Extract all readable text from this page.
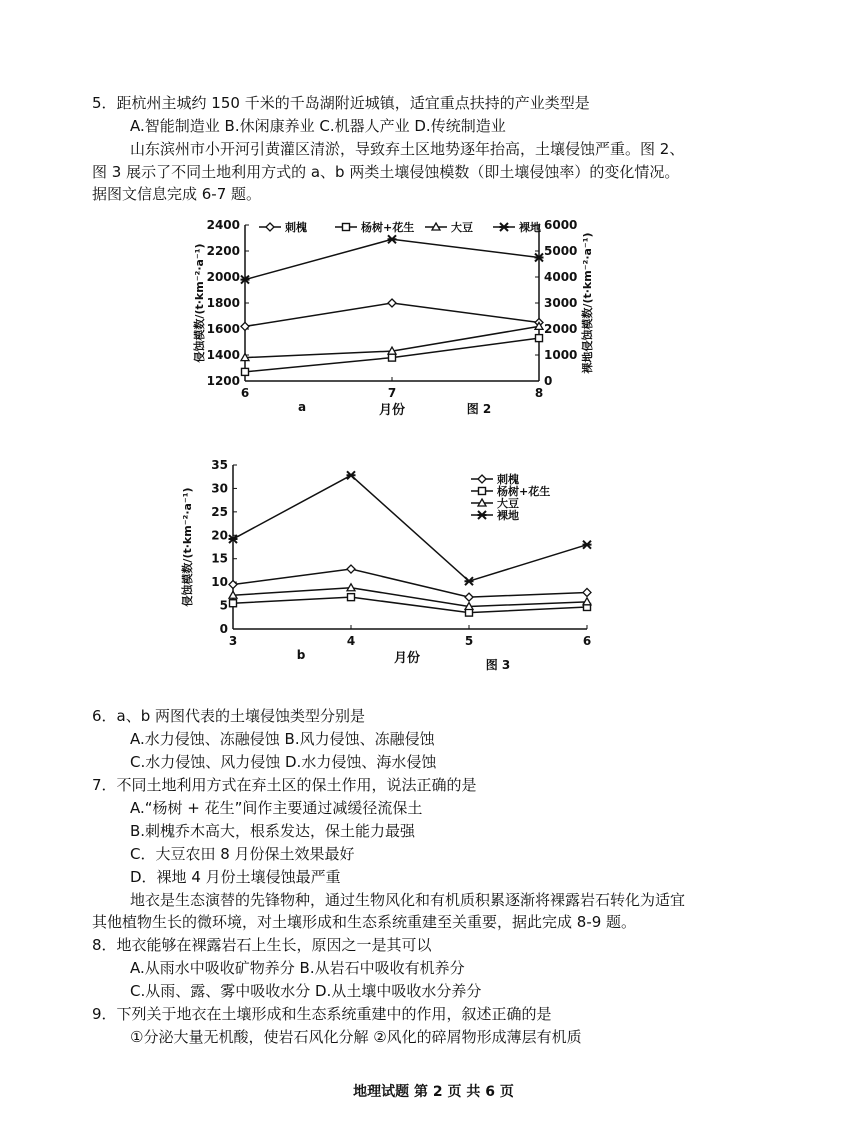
5．距杭州主城约 150 千米的千岛湖附近城镇，适宜重点扶持的产业类型是
A.智能制造业 B.休闲康养业 C.机器人产业 D.传统制造业
山东滨州市小开河引黄灌区清淤，导致弃土区地势逐年抬高，土壤侵蚀严重。图 2、
图 3 展示了不同土地利用方式的 a、b 两类土壤侵蚀模数（即土壤侵蚀率）的变化情况。
据图文信息完成 6-7 题。
1200
1400
1600
1800
2000
2200
2400
0
1000
2000
3000
4000
5000
6000
6	7	8
月份
a	图 2
侵蚀模数/(t·km⁻²·a⁻¹)	裸地侵蚀模数/(t·km⁻²·a⁻¹)
刺槐	杨树+花生	大豆	裸地
0
5
10
15
20
25
30
35
3	4	5	6
月份
b
图 3
侵蚀模数/(t·km⁻²·a⁻¹)
刺槐
杨树+花生
大豆
裸地
6．a、b 两图代表的土壤侵蚀类型分别是
A.水力侵蚀、冻融侵蚀 B.风力侵蚀、冻融侵蚀
C.水力侵蚀、风力侵蚀 D.水力侵蚀、海水侵蚀
7．不同土地利用方式在弃土区的保土作用，说法正确的是
A.“杨树 + 花生”间作主要通过减缓径流保土
B.刺槐乔木高大，根系发达，保土能力最强
C．大豆农田 8 月份保土效果最好
D．裸地 4 月份土壤侵蚀最严重
地衣是生态演替的先锋物种，通过生物风化和有机质积累逐渐将裸露岩石转化为适宜
其他植物生长的微环境，对土壤形成和生态系统重建至关重要，据此完成 8-9 题。
8．地衣能够在裸露岩石上生长，原因之一是其可以
A.从雨水中吸收矿物养分 B.从岩石中吸收有机养分
C.从雨、露、雾中吸收水分 D.从土壤中吸收水分养分
9．下列关于地衣在土壤形成和生态系统重建中的作用，叙述正确的是
①分泌大量无机酸，使岩石风化分解 ②风化的碎屑物形成薄层有机质
地理试题 第 2 页 共 6 页
